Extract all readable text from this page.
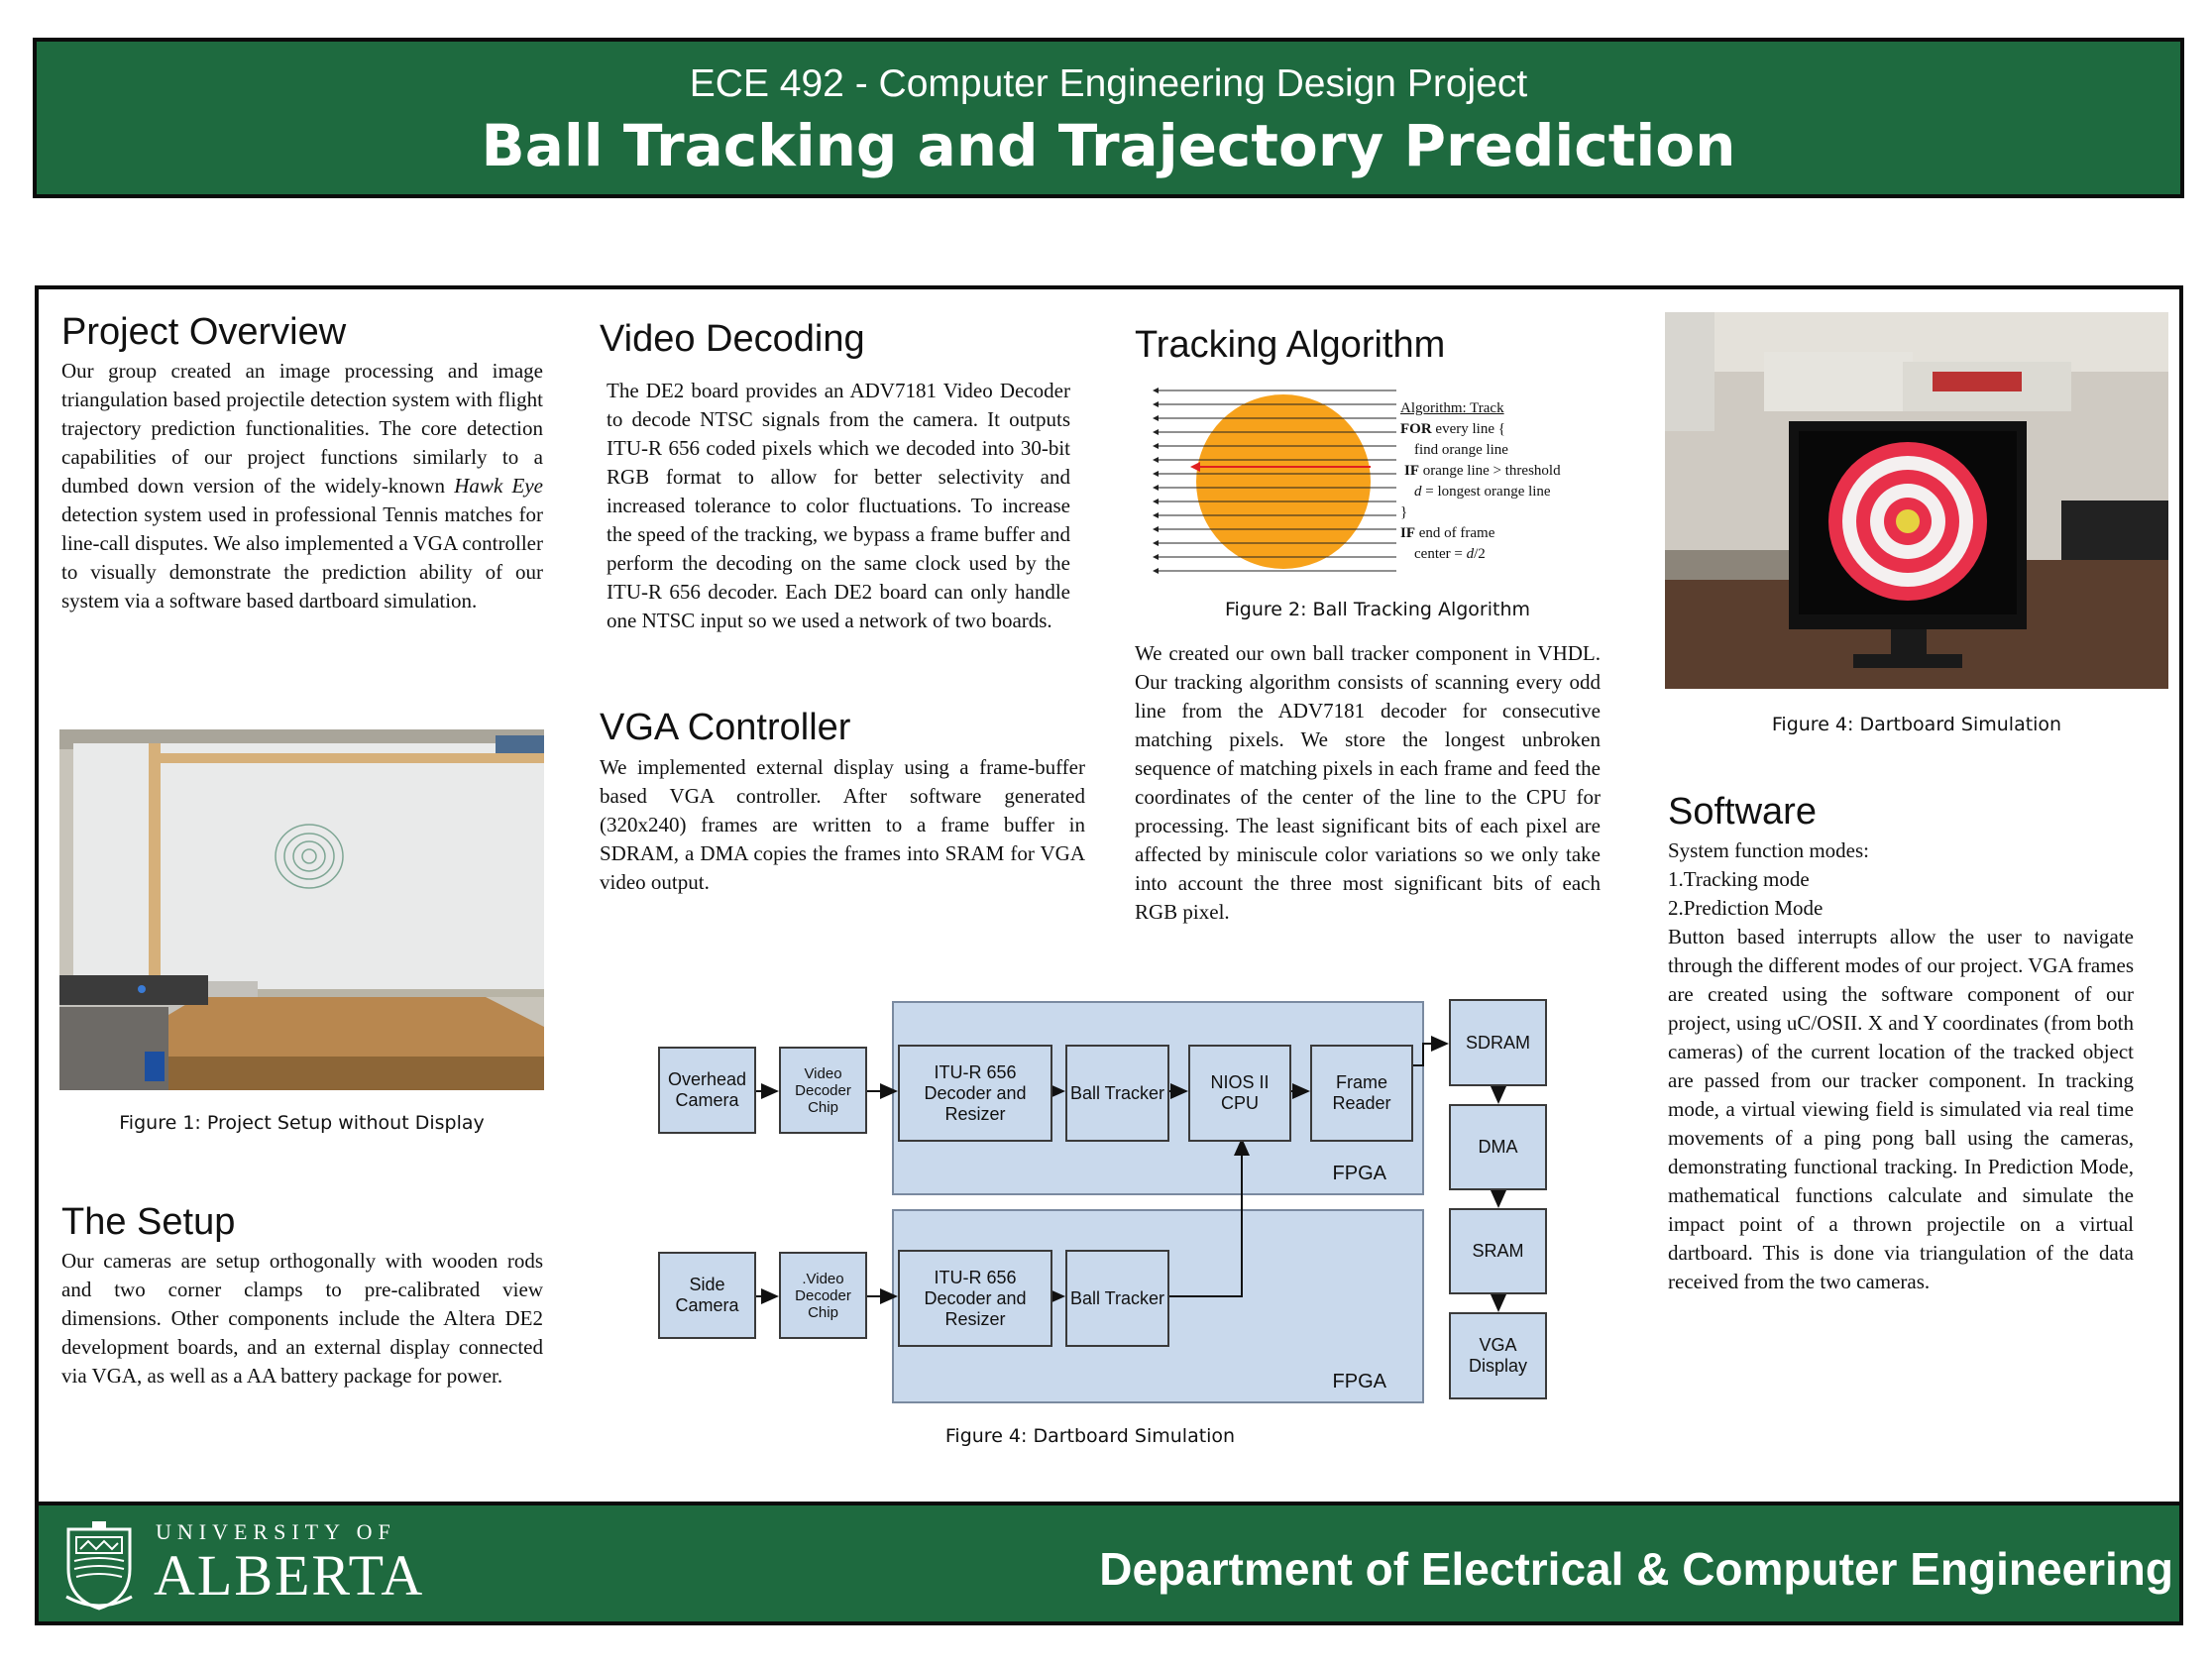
ECE 492 - Computer Engineering Design Project
Ball Tracking and Trajectory Prediction
Project Overview

Our group created an image processing and image triangulation based projectile detection system with flight trajectory prediction functionalities. The core detection capabilities of our project functions similarly to a dumbed down version of the widely-known Hawk Eye detection system used in professional Tennis matches for line-call disputes. We also implemented a VGA controller to visually demonstrate the prediction ability of our system via a software based dartboard simulation.

Figure 1: Project Setup without Display
The Setup
Our cameras are setup orthogonally with wooden rods and two corner clamps to pre-calibrated view dimensions. Other components include the Altera DE2 development boards, and an external display connected via VGA, as well as a AA battery package for power.
Video Decoding
The DE2 board provides an ADV7181 Video Decoder to decode NTSC signals from the camera. It outputs ITU-R 656 coded pixels which we decoded into 30-bit RGB format to allow for better selectivity and increased tolerance to color fluctuations. To increase the speed of the tracking, we bypass a frame buffer and perform the decoding on the same clock used by the ITU-R 656 decoder. Each DE2 board can only handle one NTSC input so we used a network of two boards.
VGA Controller
We implemented external display using a frame-buffer based VGA controller. After software generated (320x240) frames are written to a frame buffer in SDRAM, a DMA copies the frames into SRAM for VGA video output.
Tracking Algorithm
Algorithm: Track
FOR every line {
find orange line
IF orange line > threshold
d = longest orange line
}
IF end of frame
center = d/2
Figure 2: Ball Tracking Algorithm
We created our own ball tracker component in VHDL. Our tracking algorithm consists of scanning every odd line from the ADV7181 decoder for consecutive matching pixels. We store the longest unbroken sequence of matching pixels in each frame and feed the coordinates of the center of the line to the CPU for processing. The least significant bits of each pixel are affected by miniscule color variations so we only take into account the three most significant bits of each RGB pixel.
Figure 4: Dartboard Simulation
Software

System function modes:

1.Tracking mode

2.Prediction Mode

Button based interrupts allow the user to navigate through the different modes of our project. VGA frames are created using the software component of our project, using uC/OSII. X and Y coordinates (from both cameras) of the current location of the tracked object are passed from our tracker component. In tracking mode, a virtual viewing field is simulated via real time movements of a ping pong ball using the cameras, demonstrating functional tracking. In Prediction Mode, mathematical functions calculate and simulate the impact point of a thrown projectile on a virtual dartboard. This is done via triangulation of the data received from the two cameras.

FPGA
FPGA
Overhead Camera
Video Decoder Chip
ITU-R 656 Decoder and Resizer
Ball Tracker
NIOS II CPU
Frame Reader
Side Camera
.Video Decoder Chip
ITU-R 656 Decoder and Resizer
Ball Tracker
SDRAM
DMA
SRAM
VGA Display
Figure 4: Dartboard Simulation
UNIVERSITY OF
ALBERTA	Department of Electrical & Computer Engineering
